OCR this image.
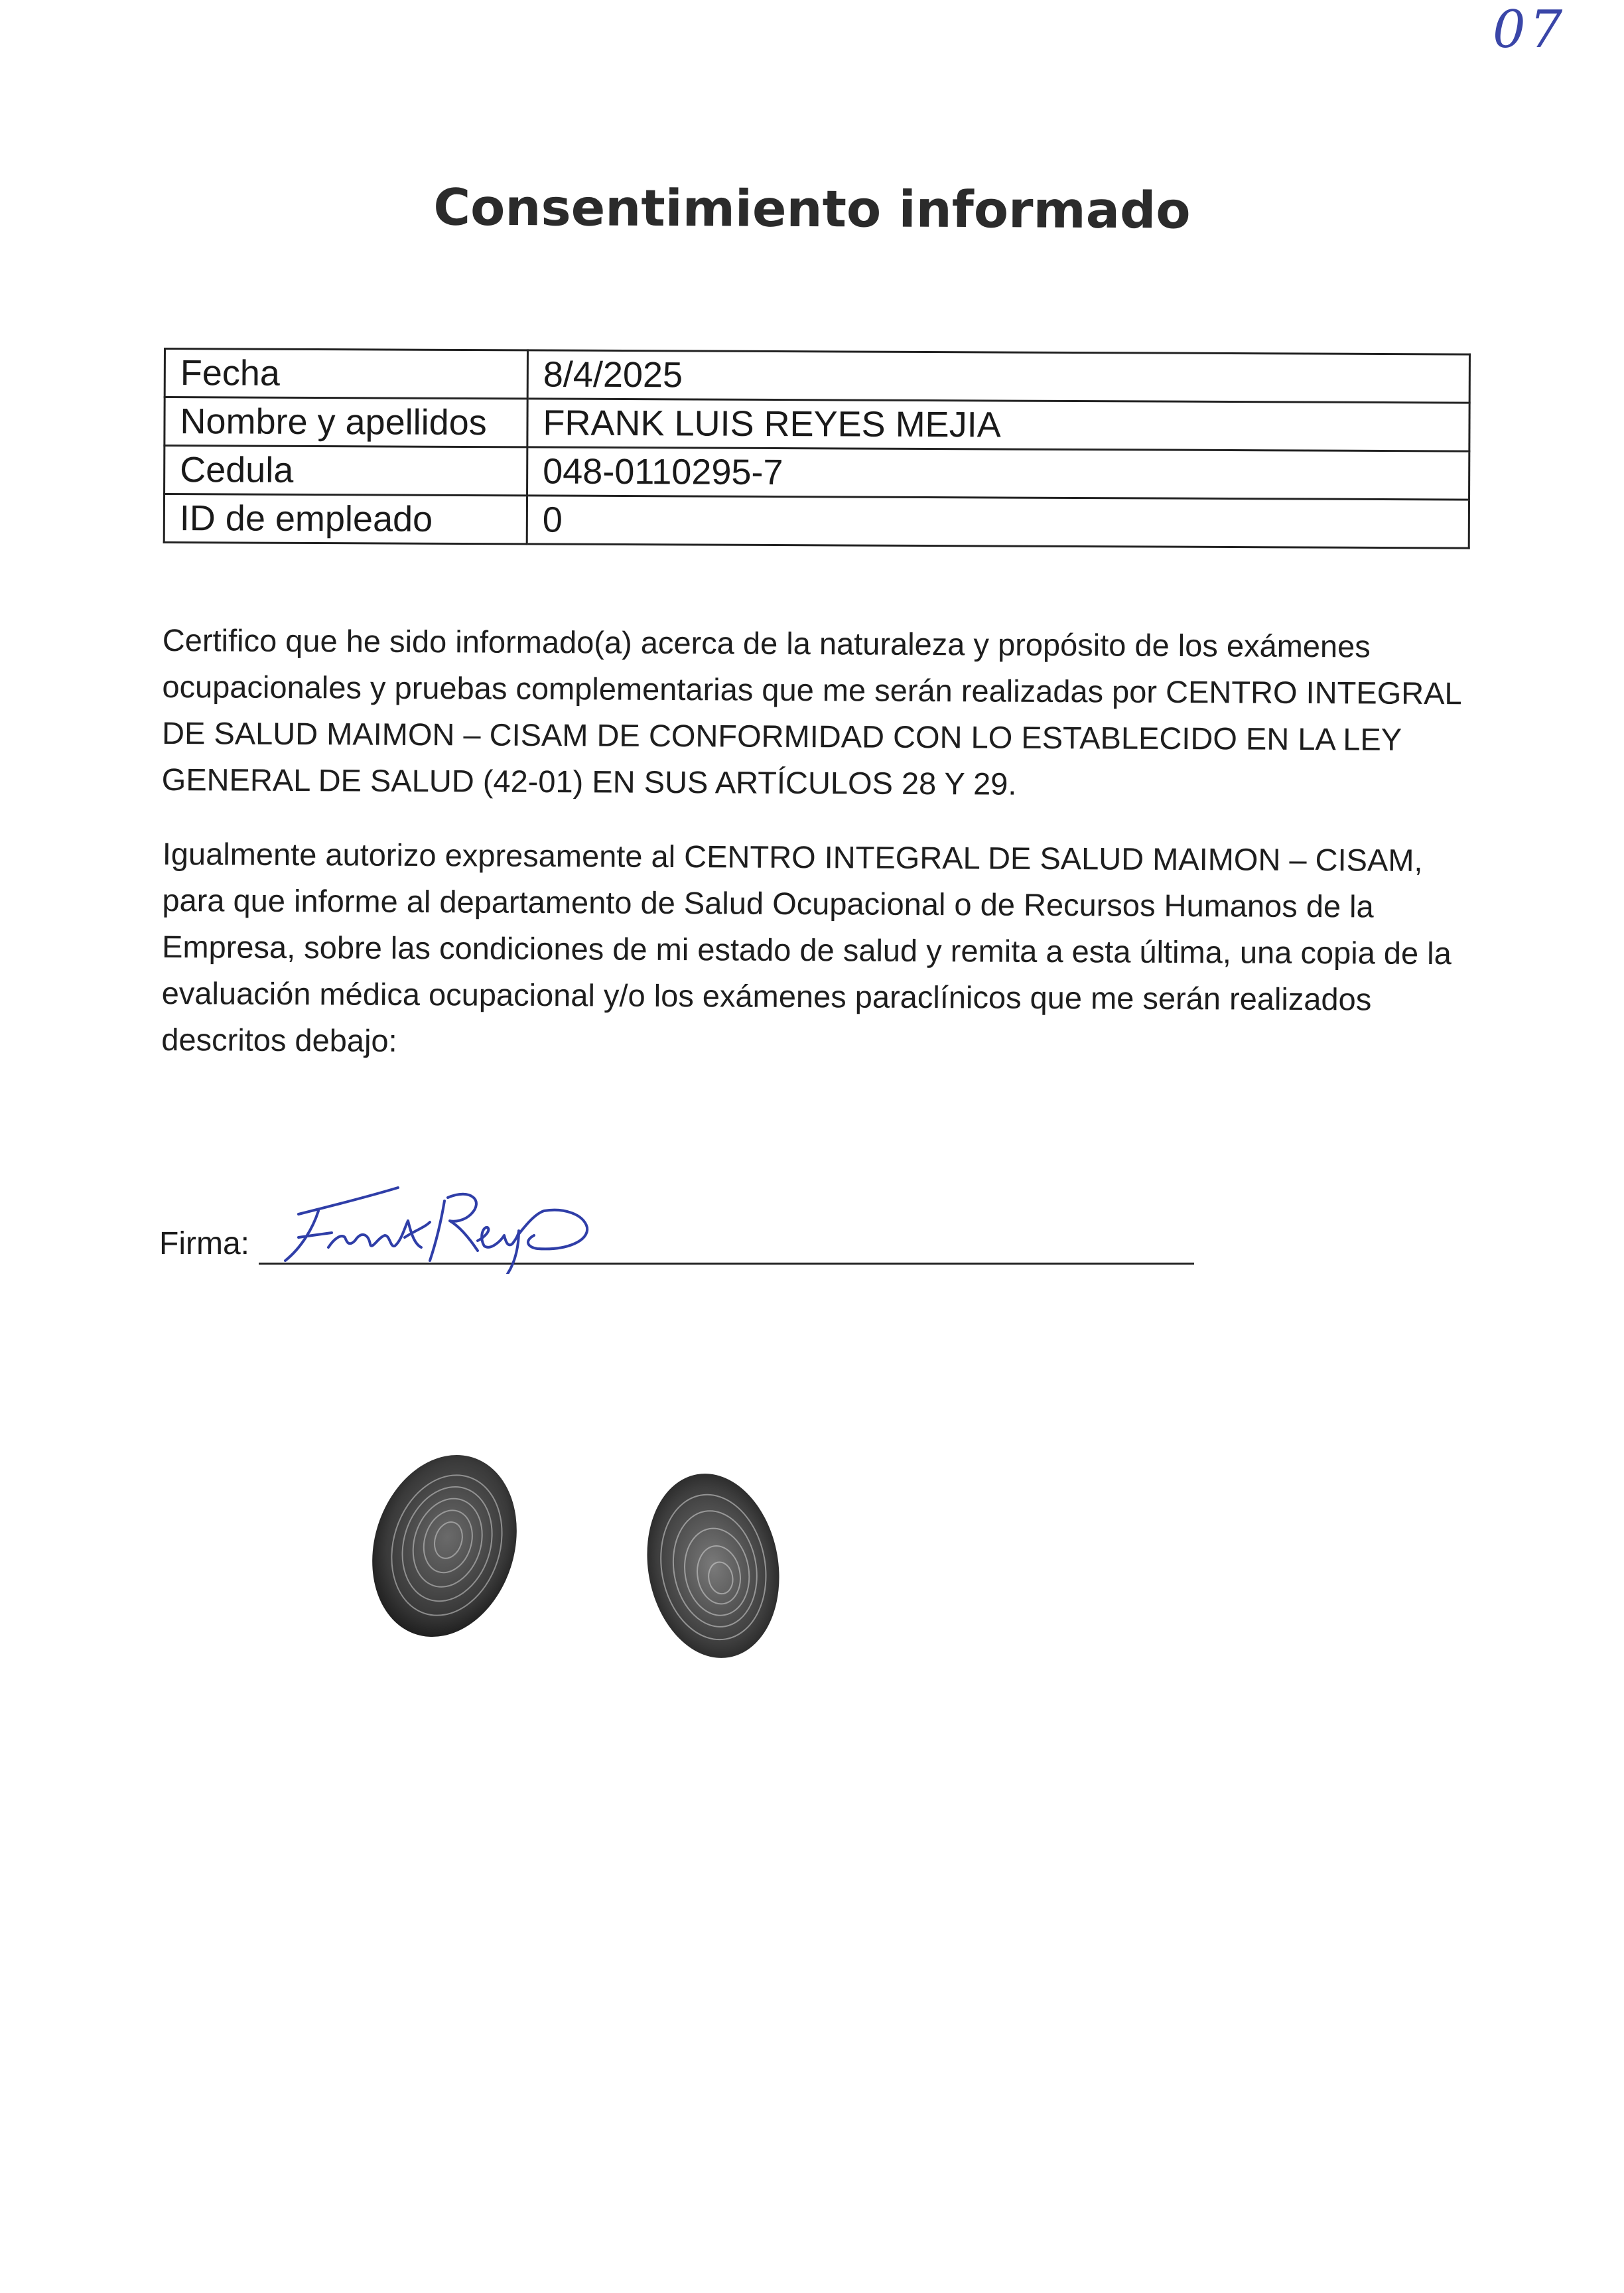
07
Consentimiento informado
Fecha	8/4/2025
Nombre y apellidos	FRANK LUIS REYES MEJIA
Cedula	048-0110295-7
ID de empleado	0

Certifico que he sido informado(a) acerca de la naturaleza y propósito de los exámenes ocupacionales y pruebas complementarias que me serán realizadas por CENTRO INTEGRAL DE SALUD MAIMON – CISAM DE CONFORMIDAD CON LO ESTABLECIDO EN LA LEY GENERAL DE SALUD (42-01) EN SUS ARTÍCULOS 28 Y 29.

Igualmente autorizo expresamente al CENTRO INTEGRAL DE SALUD MAIMON – CISAM, para que informe al departamento de Salud Ocupacional o de Recursos Humanos de la Empresa, sobre las condiciones de mi estado de salud y remita a esta última, una copia de la evaluación médica ocupacional y/o los exámenes paraclínicos que me serán realizados descritos debajo:

Firma:
